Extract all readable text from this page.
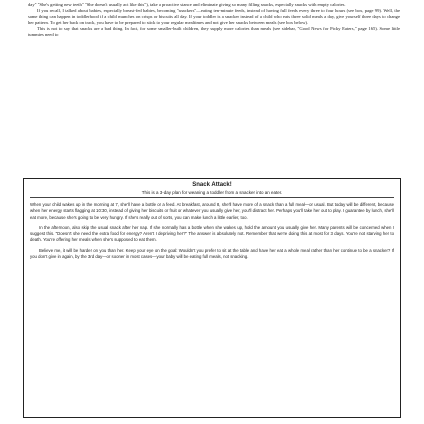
day" "She's getting new teeth" "She doesn't usually act like this"), take a proactive stance and eliminate giving so many filling snacks, especially snacks with empty calories.

If you recall, I talked about babies, especially breast-fed babies, becoming "snackers"—eating ten-minute feeds, instead of having full feeds every three to four hours (see box, page 99). Well, the same thing can happen in toddlerhood if a child munches on crisps or biscuits all day. If your toddler is a snacker instead of a child who eats three solid meals a day, give yourself three days to change her pattern. To get her back on track, you have to be prepared to stick to your regular mealtimes and not give her snacks between meals (see box below).

This is not to say that snacks are a bad thing. In fact, for some smaller-built children, they supply more calories than meals (see sidebar, "Good News for Picky Eaters," page 165). Some little tummies need to

Snack Attack!
This is a 3-day plan for weaning a toddler from a snacker into an eater.

When your child wakes up in the morning at 7, she'll have a bottle or a feed. At breakfast, around 8, she'll have more of a snack than a full meal—or usual. But today will be different, because when her energy starts flagging at 10:30, instead of giving her biscuits or fruit or whatever you usually give her, you'll distract her. Perhaps you'll take her out to play. I guarantee by lunch, she'll eat more, because she's going to be very hungry. If she's really out of sorts, you can make lunch a little earlier, too.

In the afternoon, also skip the usual snack after her nap. If she normally has a bottle when she wakes up, hold the amount you usually give her. Many parents will be concerned when I suggest this. "Doesn't she need the extra food for energy? Aren't I depriving her?" The answer is absolutely not. Remember that we're doing this at most for 3 days. You're not starving her to death. You're offering her meals when she's supposed to eat them.

Believe me, it will be harder on you than her. Keep your eye on the goal: Wouldn't you prefer to sit at the table and have her eat a whole meal rather than her continue to be a snacker? If you don't give in again, by the 3rd day—or sooner in most cases—your baby will be eating full meals, not snacking.
